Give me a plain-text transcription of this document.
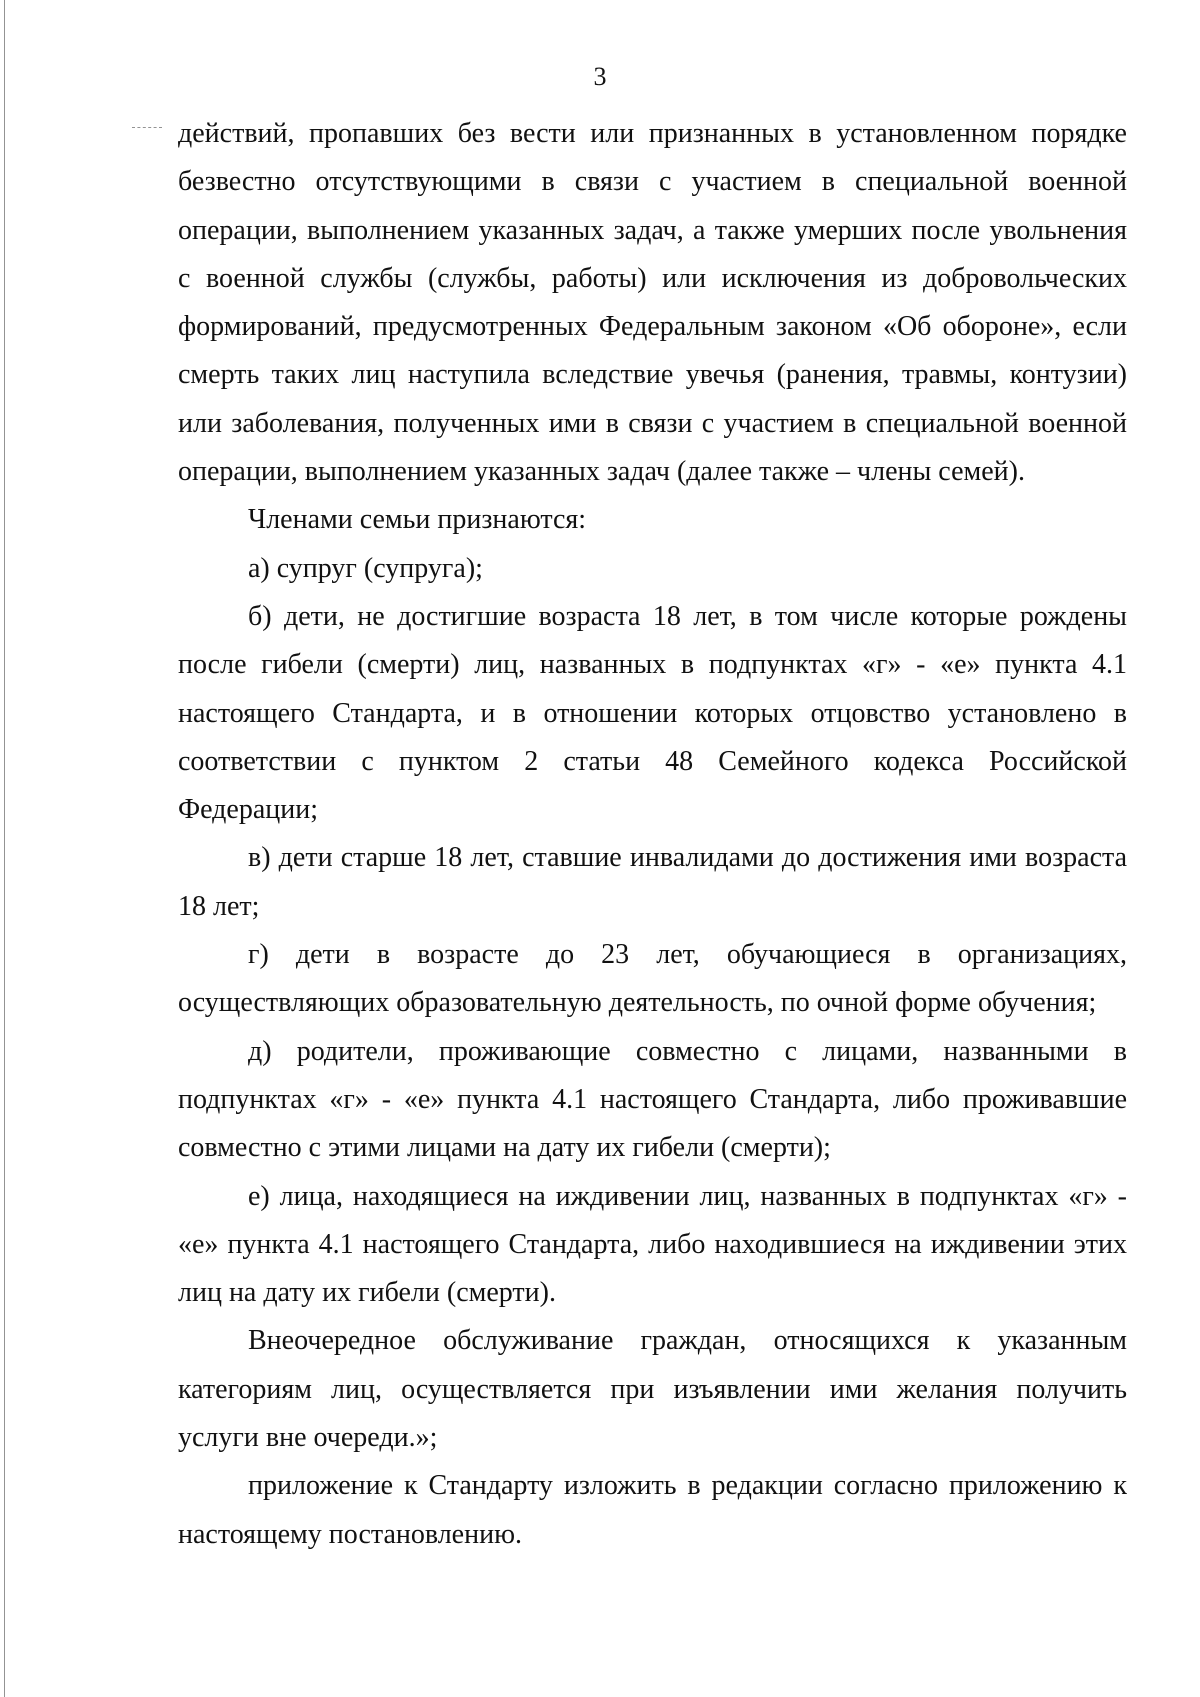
3

действий, пропавших без вести или признанных в установленном порядке безвестно отсутствующими в связи с участием в специальной военной операции, выполнением указанных задач, а также умерших после увольнения с военной службы (службы, работы) или исключения из добровольческих формирований, предусмотренных Федеральным законом «Об обороне», если смерть таких лиц наступила вследствие увечья (ранения, травмы, контузии) или заболевания, полученных ими в связи с участием в специальной военной операции, выполнением указанных задач (далее также – члены семей).

Членами семьи признаются:

а) супруг (супруга);

б) дети, не достигшие возраста 18 лет, в том числе которые рождены после гибели (смерти) лиц, названных в подпунктах «г» - «е» пункта 4.1 настоящего Стандарта, и в отношении которых отцовство установлено в соответствии с пунктом 2 статьи 48 Семейного кодекса Российской Федерации;

в) дети старше 18 лет, ставшие инвалидами до достижения ими возраста 18 лет;

г) дети в возрасте до 23 лет, обучающиеся в организациях, осуществляющих образовательную деятельность, по очной форме обучения;

д) родители, проживающие совместно с лицами, названными в подпунктах «г» - «е» пункта 4.1 настоящего Стандарта, либо проживавшие совместно с этими лицами на дату их гибели (смерти);

е) лица, находящиеся на иждивении лиц, названных в подпунктах «г» - «е» пункта 4.1 настоящего Стандарта, либо находившиеся на иждивении этих лиц на дату их гибели (смерти).

Внеочередное обслуживание граждан, относящихся к указанным категориям лиц, осуществляется при изъявлении ими желания получить услуги вне очереди.»;

приложение к Стандарту изложить в редакции согласно приложению к настоящему постановлению.
